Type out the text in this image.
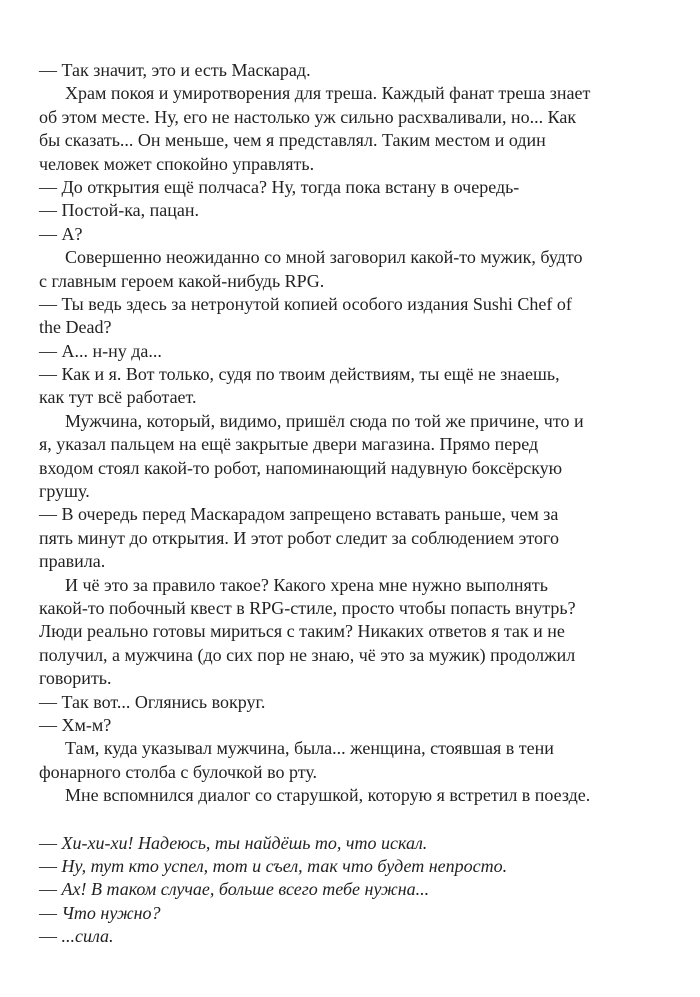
— Так значит, это и есть Маскарад.
Храм покоя и умиротворения для треша. Каждый фанат треша знает
об этом месте. Ну, его не настолько уж сильно расхваливали, но... Как
бы сказать... Он меньше, чем я представлял. Таким местом и один
человек может спокойно управлять.
— До открытия ещё полчаса? Ну, тогда пока встану в очередь-
— Постой-ка, пацан.
— А?
Совершенно неожиданно со мной заговорил какой-то мужик, будто
с главным героем какой-нибудь RPG.
— Ты ведь здесь за нетронутой копией особого издания Sushi Chef of
the Dead?
— А... н-ну да...
— Как и я. Вот только, судя по твоим действиям, ты ещё не знаешь,
как тут всё работает.
Мужчина, который, видимо, пришёл сюда по той же причине, что и
я, указал пальцем на ещё закрытые двери магазина. Прямо перед
входом стоял какой-то робот, напоминающий надувную боксёрскую
грушу.
— В очередь перед Маскарадом запрещено вставать раньше, чем за
пять минут до открытия. И этот робот следит за соблюдением этого
правила.
И чё это за правило такое? Какого хрена мне нужно выполнять
какой-то побочный квест в RPG-стиле, просто чтобы попасть внутрь?
Люди реально готовы мириться с таким? Никаких ответов я так и не
получил, а мужчина (до сих пор не знаю, чё это за мужик) продолжил
говорить.
— Так вот... Оглянись вокруг.
— Хм-м?
Там, куда указывал мужчина, была... женщина, стоявшая в тени
фонарного столба с булочкой во рту.
Мне вспомнился диалог со старушкой, которую я встретил в поезде.
— Хи-хи-хи! Надеюсь, ты найдёшь то, что искал.
— Ну, тут кто успел, тот и съел, так что будет непросто.
— Ах! В таком случае, больше всего тебе нужна...
— Что нужно?
— ...сила.
